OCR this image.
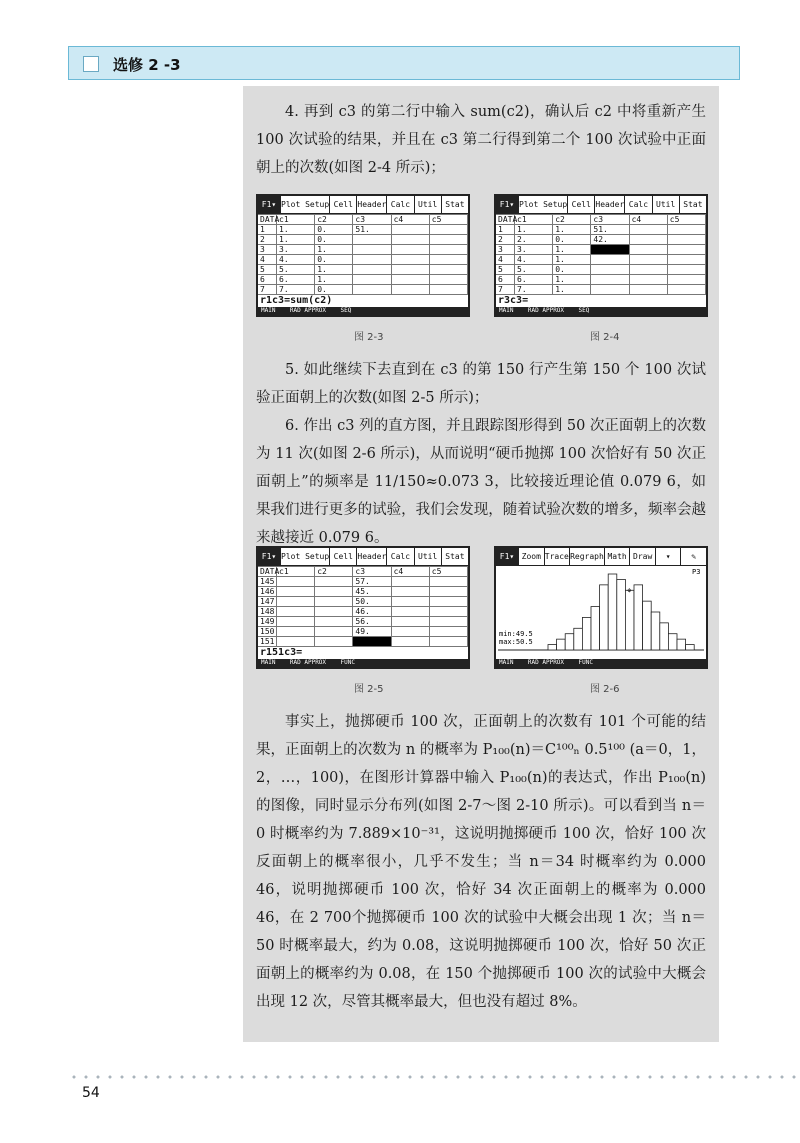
选修 2 -3

4. 再到 c3 的第二行中输入 sum(c2)，确认后 c2 中将重新产生 100 次试验的结果，并且在 c3 第二行得到第二个 100 次试验中正面朝上的次数(如图 2-4 所示)；

F1▾ Plot Setup Cell Header Calc Util Stat
DATA	c1	c2	c3	c4	c5
1	1.	0.	51.		
2	1.	0.			
3	3.	1.			
4	4.	0.			
5	5.	1.			
6	6.	1.			
7	7.	0.			
r1c3=sum(c2)
MAIN RAD APPROX SEQ
图 2-3
F1▾ Plot Setup Cell Header Calc Util Stat
DATA	c1	c2	c3	c4	c5
1	1.	1.	51.		
2	2.	0.	42.		
3	3.	1.			
4	4.	1.			
5	5.	0.			
6	6.	1.			
7	7.	1.			
r3c3=
MAIN RAD APPROX SEQ
图 2-4

5. 如此继续下去直到在 c3 的第 150 行产生第 150 个 100 次试验正面朝上的次数(如图 2-5 所示)；

6. 作出 c3 列的直方图，并且跟踪图形得到 50 次正面朝上的次数为 11 次(如图 2-6 所示)，从而说明“硬币抛掷 100 次恰好有 50 次正面朝上”的频率是 11/150≈0.073 3，比较接近理论值 0.079 6，如果我们进行更多的试验，我们会发现，随着试验次数的增多，频率会越来越接近 0.079 6。

F1▾ Plot Setup Cell Header Calc Util Stat
DATA	c1	c2	c3	c4	c5
145			57.		
146			45.		
147			50.		
148			46.		
149			56.		
150			49.		
151					
r151c3=
MAIN RAD APPROX FUNC
图 2-5
F1▾ Zoom Trace Regraph Math Draw	▾	✎
P3
min:49.5
max:50.5
⌖
MAIN RAD APPROX FUNC
图 2-6

事实上，抛掷硬币 100 次，正面朝上的次数有 101 个可能的结果，正面朝上的次数为 n 的概率为 P₁₀₀(n)＝C¹⁰⁰ₙ 0.5¹⁰⁰ (a＝0，1，2，…，100)，在图形计算器中输入 P₁₀₀(n)的表达式，作出 P₁₀₀(n)的图像，同时显示分布列(如图 2-7～图 2-10 所示)。可以看到当 n＝0 时概率约为 7.889×10⁻³¹，这说明抛掷硬币 100 次，恰好 100 次反面朝上的概率很小，几乎不发生；当 n＝34 时概率约为 0.000 46，说明抛掷硬币 100 次，恰好 34 次正面朝上的概率为 0.000 46，在 2 700个抛掷硬币 100 次的试验中大概会出现 1 次；当 n＝50 时概率最大，约为 0.08，这说明抛掷硬币 100 次，恰好 50 次正面朝上的概率约为 0.08，在 150 个抛掷硬币 100 次的试验中大概会出现 12 次，尽管其概率最大，但也没有超过 8%。

54
